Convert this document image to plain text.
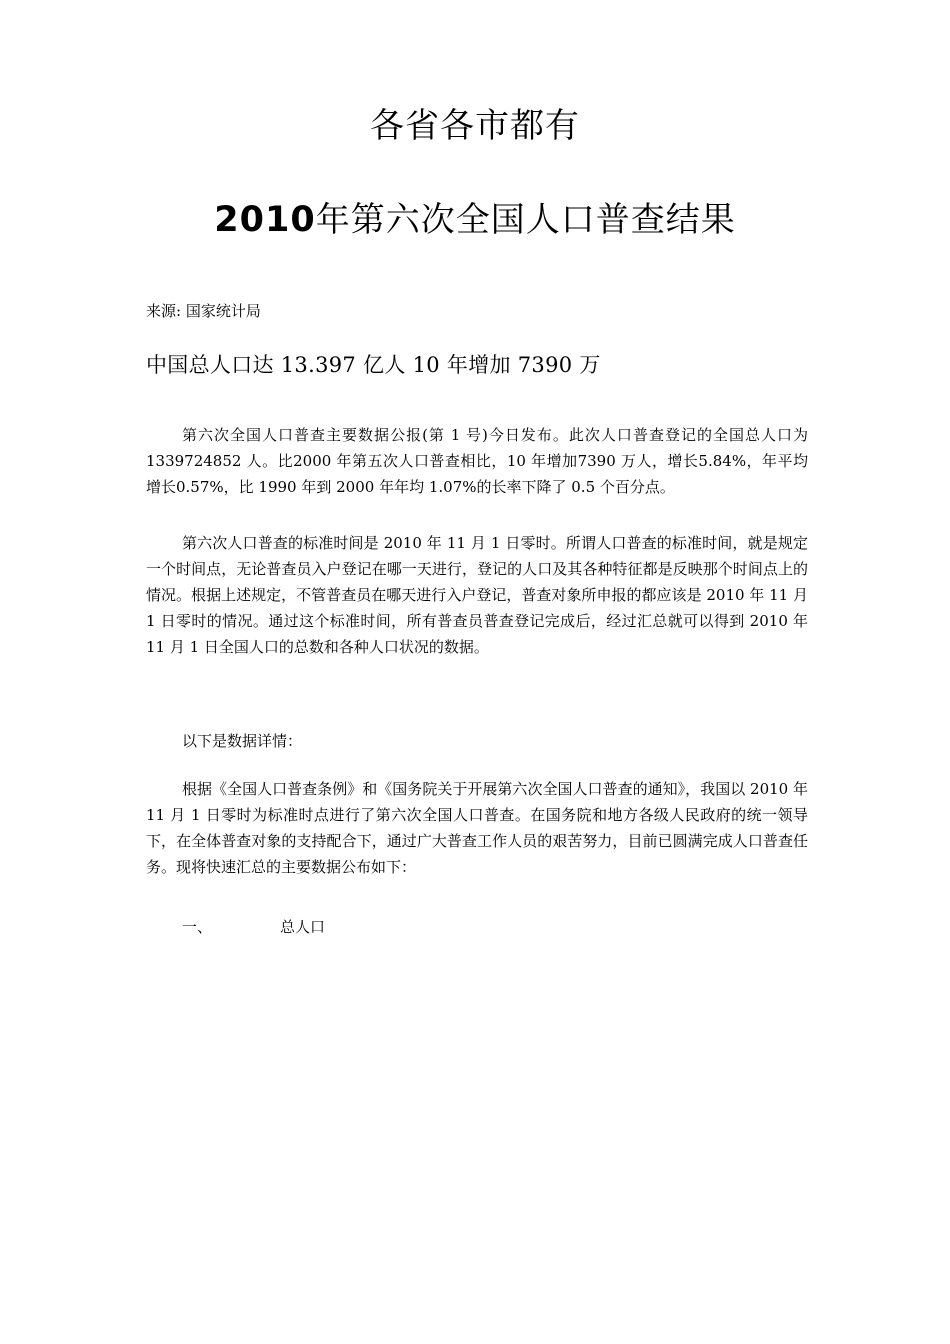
各省各市都有
2010年第六次全国人口普查结果
来源: 国家统计局
中国总人口达 13.397 亿人 10 年增加 7390 万

第六次全国人口普查主要数据公报(第 1 号)今日发布。此次人口普查登记的全国总人口为1339724852 人。比2000 年第五次人口普查相比，10 年增加7390 万人，增长5.84%，年平均增长0.57%，比 1990 年到 2000 年年均 1.07%的长率下降了 0.5 个百分点。

第六次人口普查的标准时间是 2010 年 11 月 1 日零时。所谓人口普查的标准时间，就是规定一个时间点，无论普查员入户登记在哪一天进行，登记的人口及其各种特征都是反映那个时间点上的情况。根据上述规定，不管普查员在哪天进行入户登记，普查对象所申报的都应该是 2010 年 11 月 1 日零时的情况。通过这个标准时间，所有普查员普查登记完成后，经过汇总就可以得到 2010 年 11 月 1 日全国人口的总数和各种人口状况的数据。

以下是数据详情：

根据《全国人口普查条例》和《国务院关于开展第六次全国人口普查的通知》，我国以 2010 年 11 月 1 日零时为标准时点进行了第六次全国人口普查。在国务院和地方各级人民政府的统一领导下，在全体普查对象的支持配合下，通过广大普查工作人员的艰苦努力，目前已圆满完成人口普查任务。现将快速汇总的主要数据公布如下：

一、	总人口
